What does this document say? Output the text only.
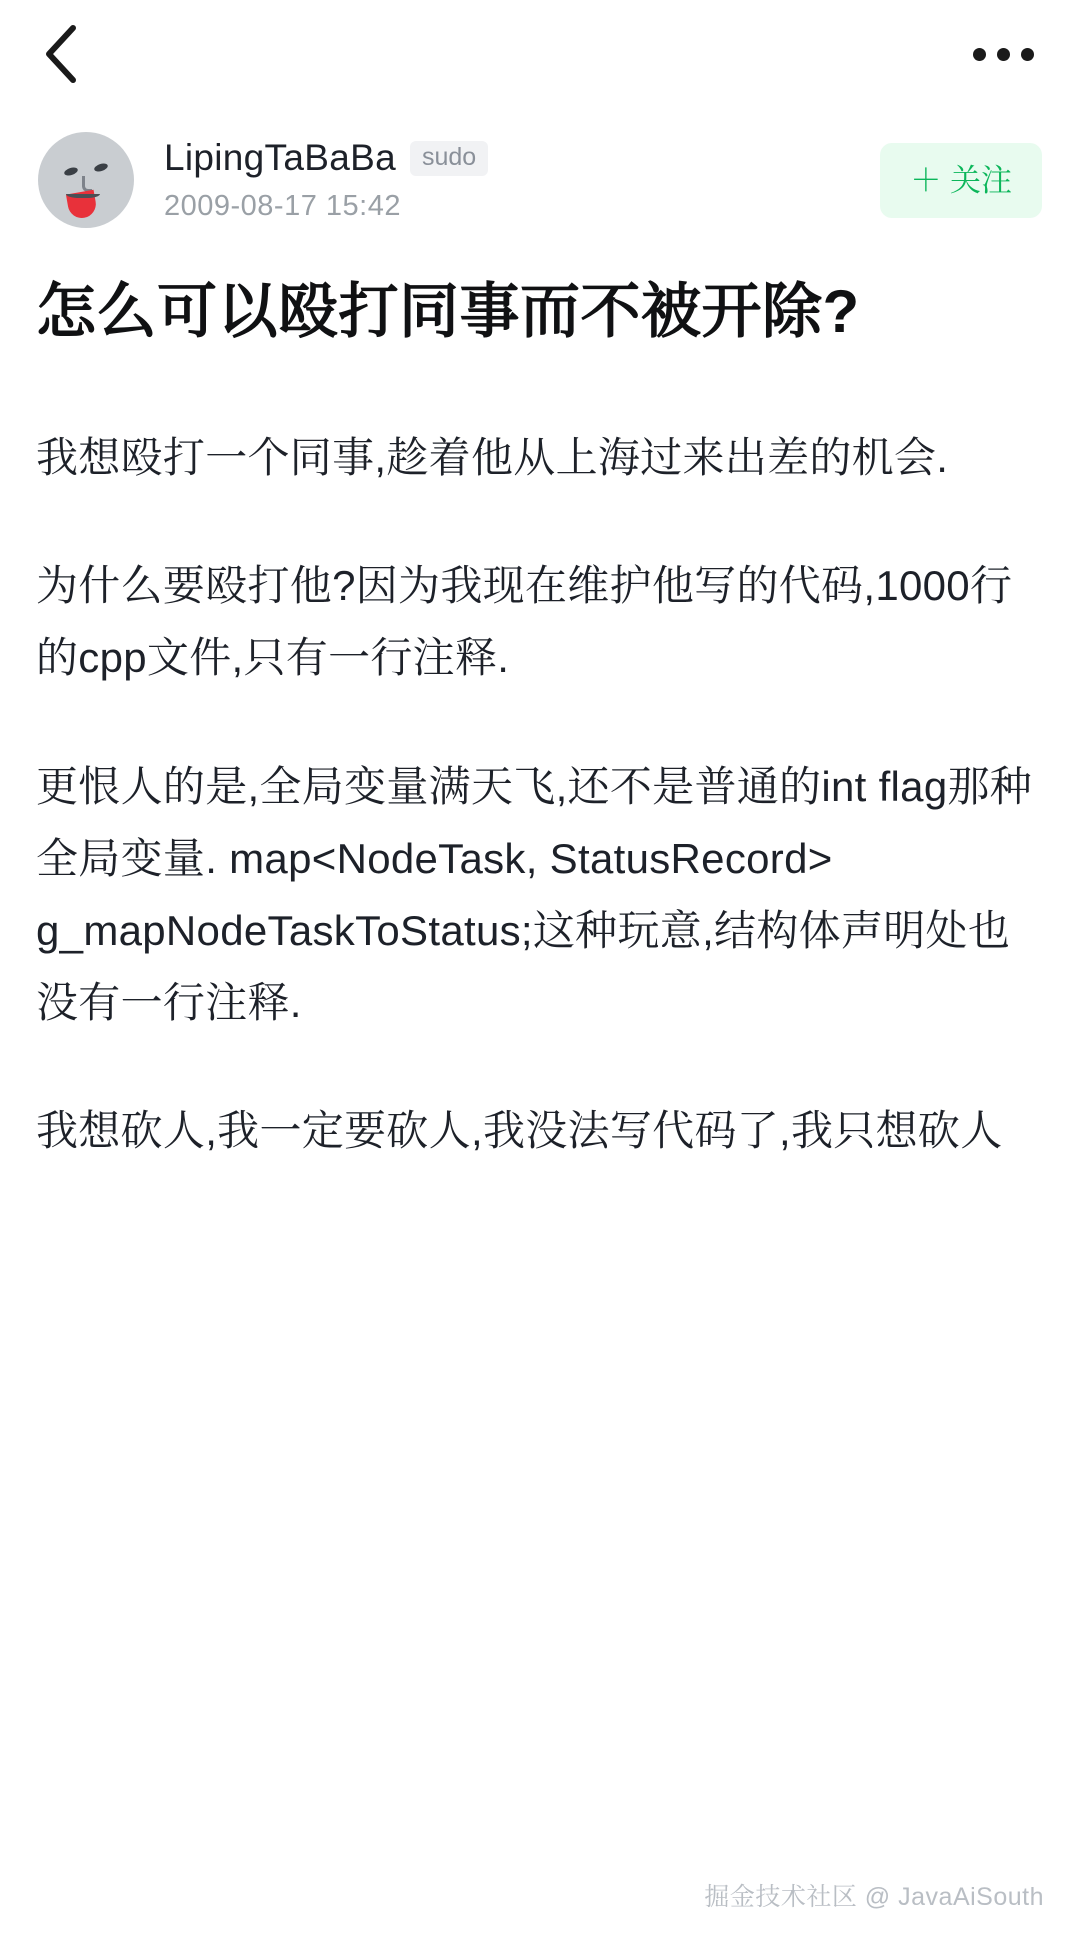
LipingTaBaBa	sudo
2009-08-17 15:42
＋ 关注
怎么可以殴打同事而不被开除?

我想殴打一个同事,趁着他从上海过来出差的机会.

为什么要殴打他?因为我现在维护他写的代码,1000行的cpp文件,只有一行注释.

更恨人的是,全局变量满天飞,还不是普通的int flag那种全局变量. map<NodeTask, StatusRecord> g_mapNodeTaskToStatus;这种玩意,结构体声明处也没有一行注释.

我想砍人,我一定要砍人,我没法写代码了,我只想砍人

掘金技术社区 @ JavaAiSouth
